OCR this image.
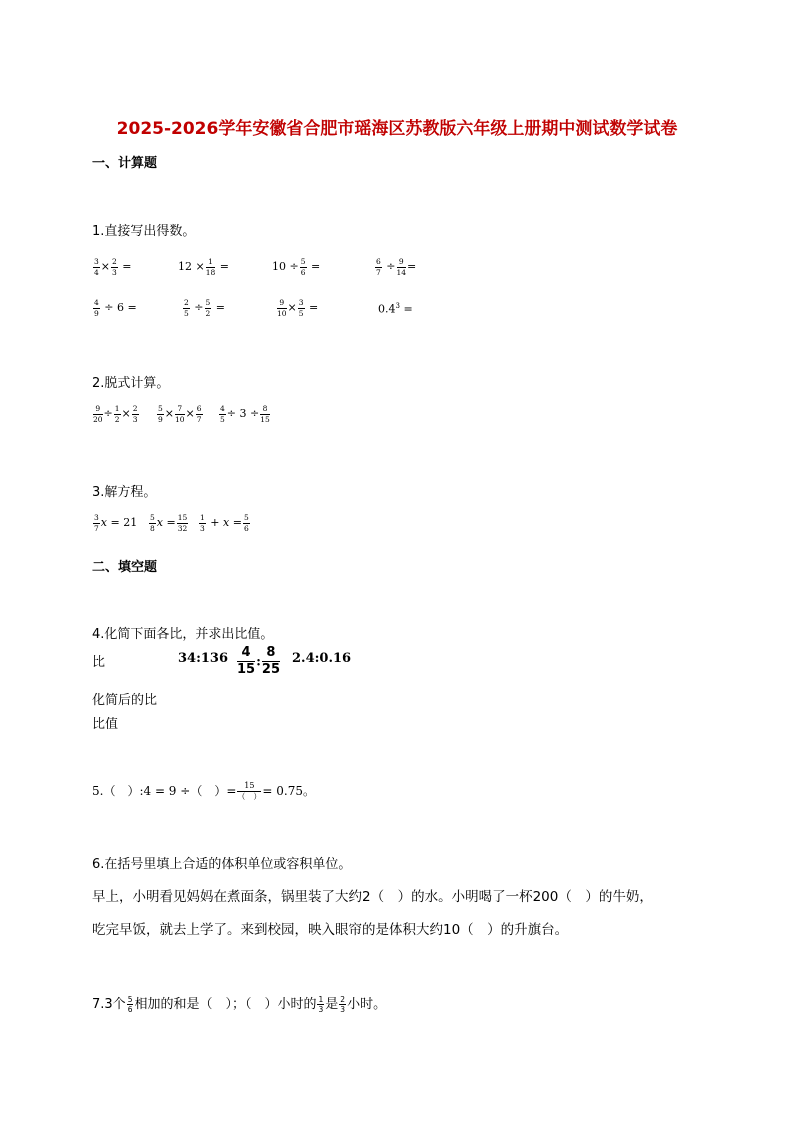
2025-2026学年安徽省合肥市瑶海区苏教版六年级上册期中测试数学试卷
一、计算题
1.直接写出得数。
$\frac{3}{4} \times \frac{2}{3}$ =	$12 \times \frac{1}{18}$ =	$10 \div \frac{5}{6}$ =	$\frac{6}{7} \div \frac{9}{14}$ =
$\frac{4}{9} \div 6$ =	$\frac{2}{5} \div \frac{5}{2}$ =	$\frac{9}{10} \times \frac{3}{5}$ =	$0.4^3$ =
2.脱式计算。
$\frac{9}{20} \div \frac{1}{2} \times \frac{2}{3} \frac{5}{9} \times \frac{7}{10} \times \frac{6}{7} \frac{4}{5} \div 3 \div \frac{8}{15}$
3.解方程。
$\frac{3}{7}$ $x = 21 \frac{5}{8}$ $x = \frac{15}{32} \frac{1}{3} + x = \frac{5}{6}$
二、填空题
4.化简下面各比，并求出比值。
比	34:136 $\frac{4}{15}$ : $\frac{8}{25}$ 2.4:0.16
化简后的比
比值
5.（　）:4 = 9 ÷（　）= $\frac{15}{( )} = 0.75$。
6.在括号里填上合适的体积单位或容积单位。
早上，小明看见妈妈在煮面条，锅里装了大约2（　）的水。小明喝了一杯200（　）的牛奶，
吃完早饭，就去上学了。来到校园，映入眼帘的是体积大约10（　）的升旗台。
7.3个 $\frac{5}{6}$ 相加的和是（　）；（　）小时的 $\frac{1}{3}$ 是 $\frac{2}{3}$ 小时。
